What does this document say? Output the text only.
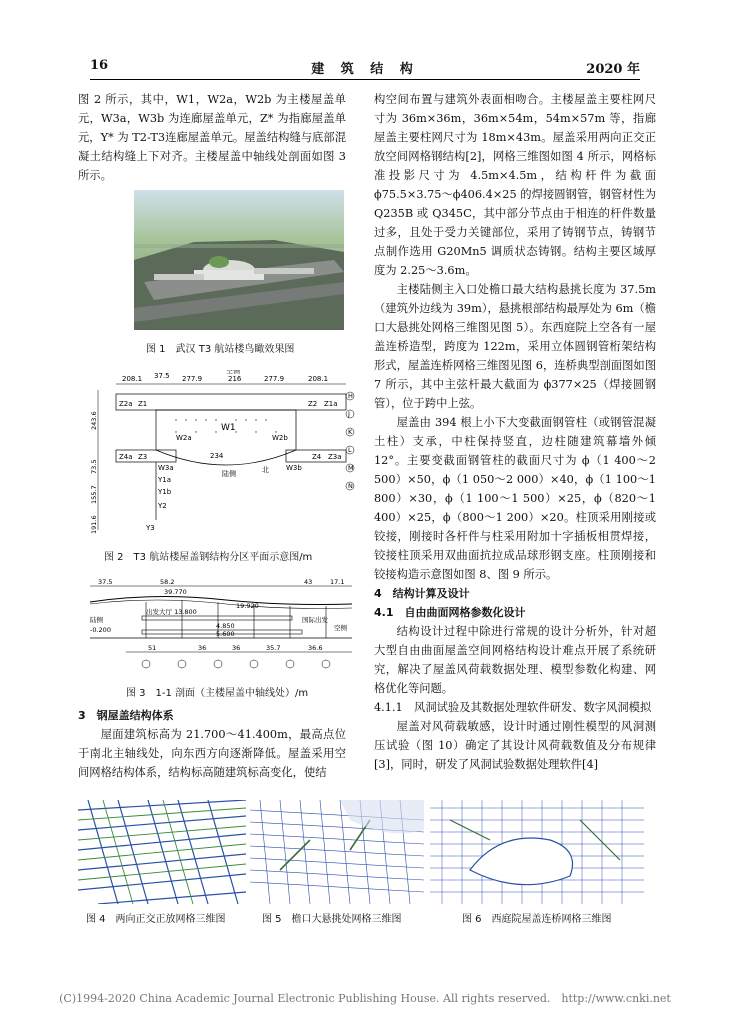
16	建 筑 结 构	2020 年

图 2 所示，其中，W1，W2a，W2b 为主楼屋盖单元，W3a，W3b 为连廊屋盖单元，Z* 为指廊屋盖单元，Y* 为 T2-T3连廊屋盖单元。屋盖结构缝与底部混凝土结构缝上下对齐。主楼屋盖中轴线处剖面如图 3 所示。

图 1　武汉 T3 航站楼鸟瞰效果图
208.1 37.5 277.9	216	277.9	208.1
空侧
W1
W2a	W2b
W3a	W3b
Z1	Z2
Z3	Z4
Z2a	Z1a
Z4a	Z3a
Y1a
Y1b
Y2
Y3
陆侧	北
234
H
J
K
L
M
N
243.6
73.5
155.7
191.6
图 2　T3 航站楼屋盖钢结构分区平面示意图/m
37.5	58.2
39.770
43	17.1
19.920
陆侧
-0.200
出发大厅 13.800
4.850
5.600
国际出发
空侧
51	36	36	35.7	36.6
图 3　1-1 剖面（主楼屋盖中轴线处）/m

3　钢屋盖结构体系

屋面建筑标高为 21.700～41.400m，最高点位于南北主轴线处，向东西方向逐渐降低。屋盖采用空间网格结构体系，结构标高随建筑标高变化，使结

构空间布置与建筑外表面相吻合。主楼屋盖主要柱网尺寸为 36m×36m，36m×54m，54m×57m 等，指廊屋盖主要柱网尺寸为 18m×43m。屋盖采用两向正交正放空间网格钢结构[2]，网格三维图如图 4 所示，网格标准投影尺寸为 4.5m×4.5m，结构杆件为截面 ϕ75.5×3.75～ϕ406.4×25 的焊接圆钢管，钢管材性为 Q235B 或 Q345C，其中部分节点由于相连的杆件数量过多，且处于受力关键部位，采用了铸钢节点，铸钢节点制作选用 G20Mn5 调质状态铸钢。结构主要区域厚度为 2.25～3.6m。

主楼陆侧主入口处檐口最大结构悬挑长度为 37.5m（建筑外边线为 39m），悬挑根部结构最厚处为 6m（檐口大悬挑处网格三维图见图 5）。东西庭院上空各有一屋盖连桥造型，跨度为 122m，采用立体圆钢管桁架结构形式，屋盖连桥网格三维图见图 6，连桥典型剖面图如图 7 所示，其中主弦杆最大截面为 ϕ377×25（焊接圆钢管），位于跨中上弦。

屋盖由 394 根上小下大变截面钢管柱（或钢管混凝土柱）支承，中柱保持竖直，边柱随建筑幕墙外倾 12°。主要变截面钢管柱的截面尺寸为 ϕ（1 400～2 500）×50，ϕ（1 050～2 000）×40，ϕ（1 100～1 800）×30，ϕ（1 100～1 500）×25，ϕ（820～1 400）×25，ϕ（800～1 200）×20。柱顶采用刚接或铰接，刚接时各杆件与柱采用附加十字插板相贯焊接，铰接柱顶采用双曲面抗拉成品球形钢支座。柱顶刚接和铰接构造示意图如图 8、图 9 所示。

4　结构计算及设计

4.1　自由曲面网格参数化设计

结构设计过程中除进行常规的设计分析外，针对超大型自由曲面屋盖空间网格结构设计难点开展了系统研究，解决了屋盖风荷载数据处理、模型参数化构建、网格优化等问题。

4.1.1　风洞试验及其数据处理软件研发、数字风洞模拟

屋盖对风荷载敏感，设计时通过刚性模型的风洞测压试验（图 10）确定了其设计风荷载数值及分布规律[3]，同时，研发了风洞试验数据处理软件[4]

图 4　两向正交正放网格三维图	图 5　檐口大悬挑处网格三维图	图 6　西庭院屋盖连桥网格三维图
(C)1994-2020 China Academic Journal Electronic Publishing House. All rights reserved.　http://www.cnki.net
